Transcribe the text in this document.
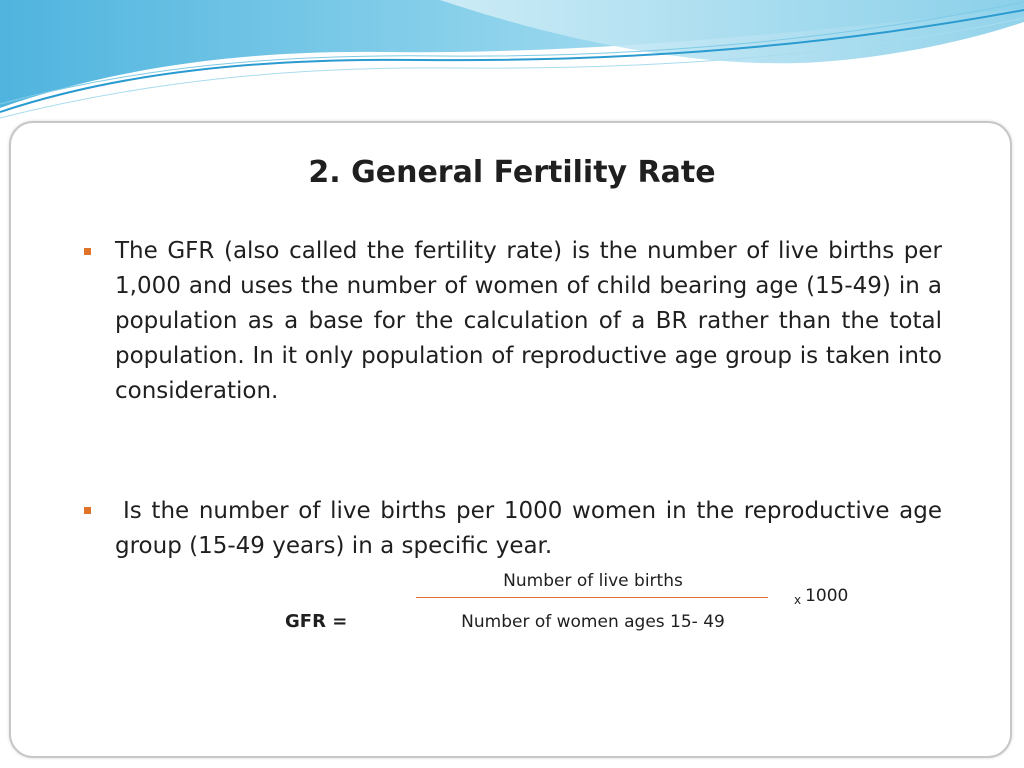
2. General Fertility Rate

The GFR (also called the fertility rate) is the number of live births per 1,000 and uses the number of women of child bearing age (15-49) in a population as a base for the calculation of a BR rather than the total population. In it only population of reproductive age group is taken into consideration.

Is the number of live births per 1000 women in the reproductive age group (15-49 years) in a specific year.

GFR =
Number of live births
Number of women ages 15- 49
x 1000
